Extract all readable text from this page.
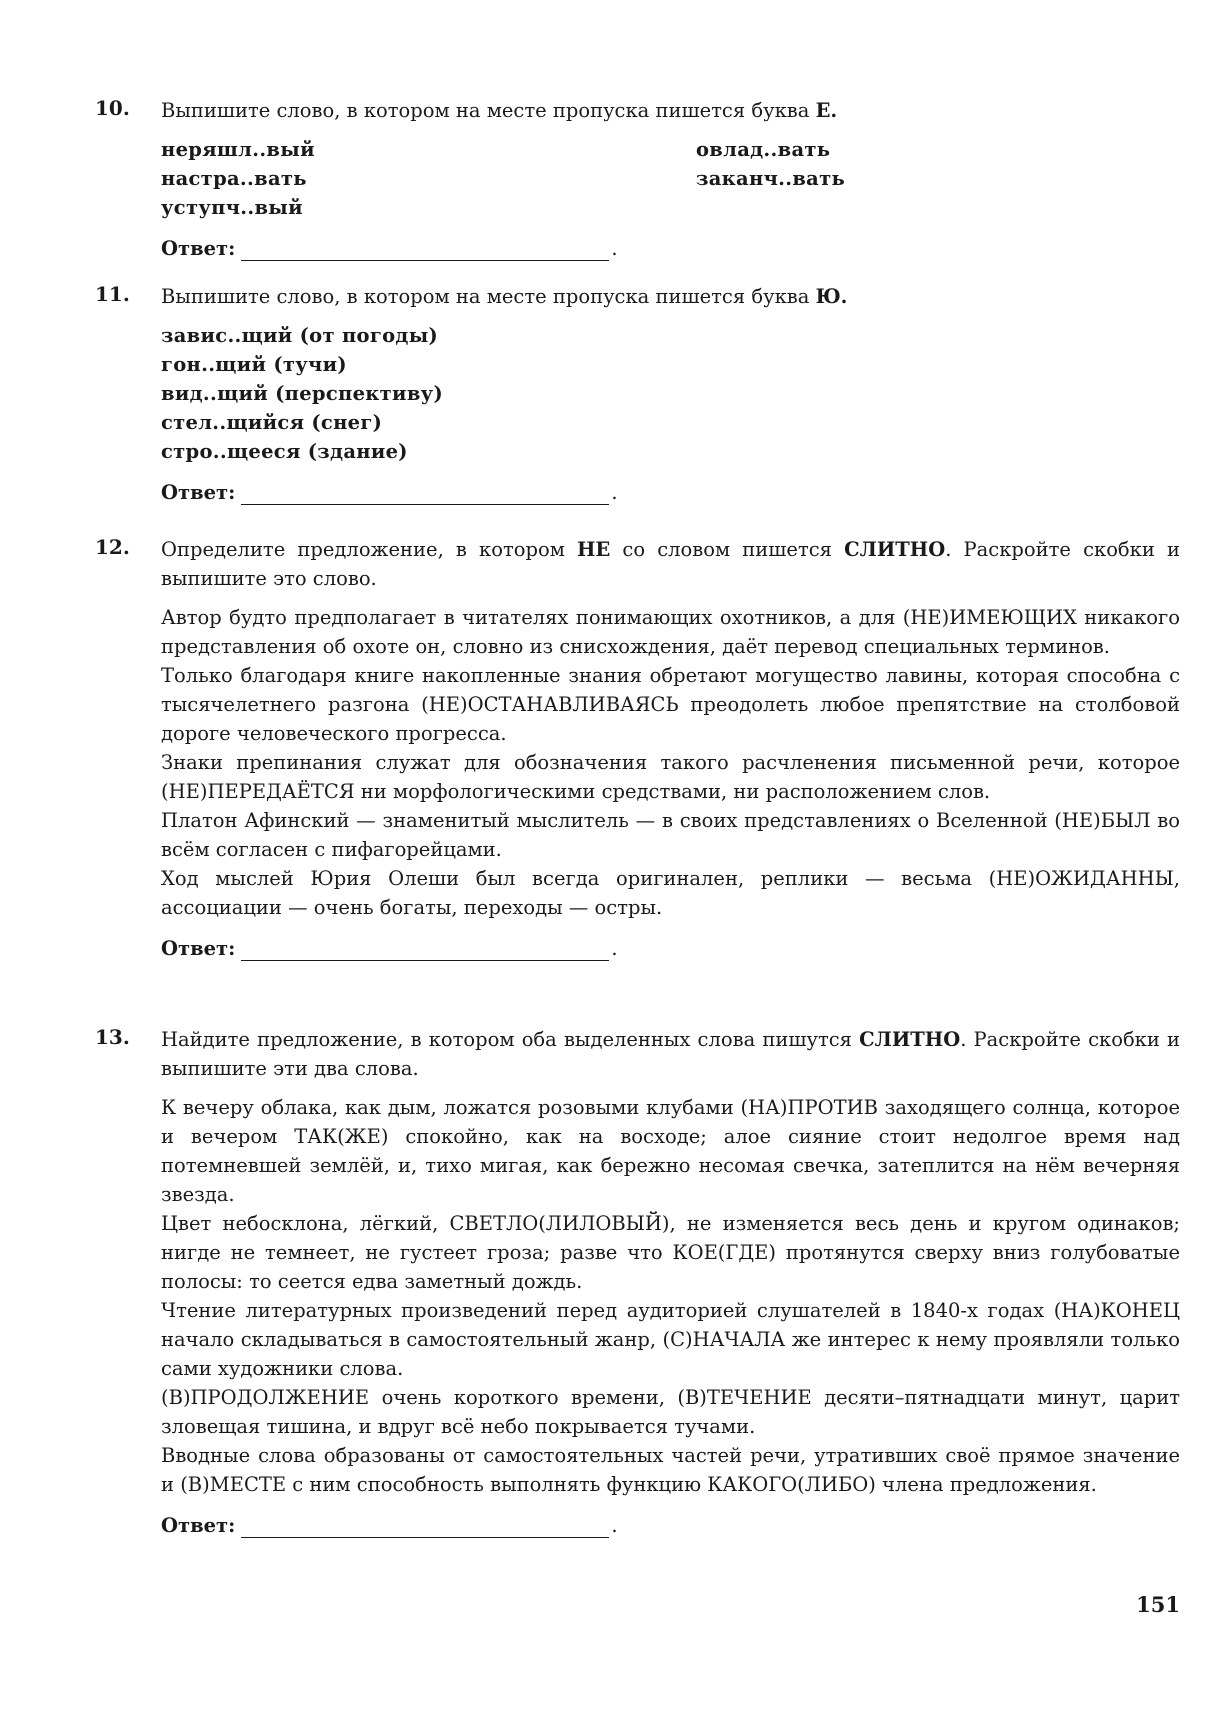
10. Выпишите слово, в котором на месте пропуска пишется буква Е.

неряшл..вый
настра..вать
уступч..вый
овлад..вать
заканч..вать
Ответ:	.
11. Выпишите слово, в котором на месте пропуска пишется буква Ю.

завис..щий (от погоды)
гон..щий (тучи)
вид..щий (перспективу)
стел..щийся (снег)
стро..щееся (здание)
Ответ:	.
12. Определите предложение, в котором НЕ со словом пишется СЛИТНО. Раскройте скобки и выпишите это слово.

Автор будто предполагает в читателях понимающих охотников, а для (НЕ)ИМЕЮЩИХ никакого представления об охоте он, словно из снисхождения, даёт перевод специальных терминов.

Только благодаря книге накопленные знания обретают могущество лавины, которая способна с тысячелетнего разгона (НЕ)ОСТАНАВЛИВАЯСЬ преодолеть любое препятствие на столбовой дороге человеческого прогресса.

Знаки препинания служат для обозначения такого расчленения письменной речи, которое (НЕ)ПЕРЕДАЁТСЯ ни морфологическими средствами, ни расположением слов.

Платон Афинский — знаменитый мыслитель — в своих представлениях о Вселенной (НЕ)БЫЛ во всём согласен с пифагорейцами.

Ход мыслей Юрия Олеши был всегда оригинален, реплики — весьма (НЕ)ОЖИДАННЫ, ассоциации — очень богаты, переходы — остры.

Ответ:	.
13. Найдите предложение, в котором оба выделенных слова пишутся СЛИТНО. Раскройте скобки и выпишите эти два слова.

К вечеру облака, как дым, ложатся розовыми клубами (НА)ПРОТИВ заходящего солнца, которое и вечером ТАК(ЖЕ) спокойно, как на восходе; алое сияние стоит недолгое время над потемневшей землёй, и, тихо мигая, как бережно несомая свечка, затеплится на нём вечерняя звезда.

Цвет небосклона, лёгкий, СВЕТЛО(ЛИЛОВЫЙ), не изменяется весь день и кругом одинаков; нигде не темнеет, не густеет гроза; разве что КОЕ(ГДЕ) протянутся сверху вниз голубоватые полосы: то сеется едва заметный дождь.

Чтение литературных произведений перед аудиторией слушателей в 1840-х годах (НА)КОНЕЦ начало складываться в самостоятельный жанр, (С)НАЧАЛА же интерес к нему проявляли только сами художники слова.

(В)ПРОДОЛЖЕНИЕ очень короткого времени, (В)ТЕЧЕНИЕ десяти–пятнадцати минут, царит зловещая тишина, и вдруг всё небо покрывается тучами.

Вводные слова образованы от самостоятельных частей речи, утративших своё прямое значение и (В)МЕСТЕ с ним способность выполнять функцию КАКОГО(ЛИБО) члена предложения.

Ответ:	.
151
